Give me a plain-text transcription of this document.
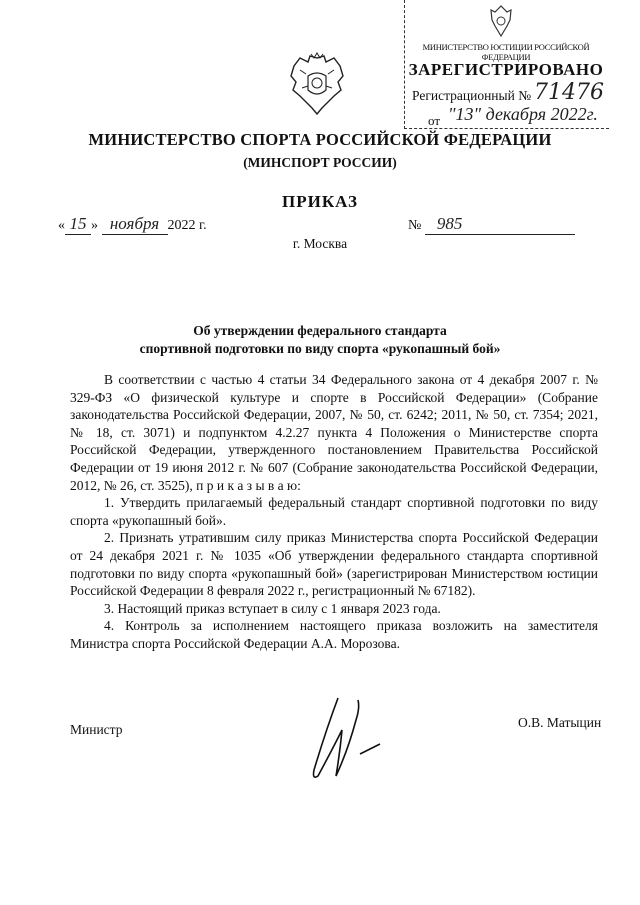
МИНИСТЕРСТВО ЮСТИЦИИ РОССИЙСКОЙ ФЕДЕРАЦИИ
ЗАРЕГИСТРИРОВАНО
Регистрационный № 71476
от "13" декабря 2022г.
МИНИСТЕРСТВО СПОРТА РОССИЙСКОЙ ФЕДЕРАЦИИ
(МИНСПОРТ РОССИИ)
ПРИКАЗ
« 15 » ноября 2022 г.	№ 985
г. Москва
Об утверждении федерального стандарта
спортивной подготовки по виду спорта «рукопашный бой»

В соответствии с частью 4 статьи 34 Федерального закона от 4 декабря 2007 г. № 329-ФЗ «О физической культуре и спорте в Российской Федерации» (Собрание законодательства Российской Федерации, 2007, № 50, ст. 6242; 2011, № 50, ст. 7354; 2021, № 18, ст. 3071) и подпунктом 4.2.27 пункта 4 Положения о Министерстве спорта Российской Федерации, утвержденного постановлением Правительства Российской Федерации от 19 июня 2012 г. № 607 (Собрание законодательства Российской Федерации, 2012, № 26, ст. 3525), п р и к а з ы в а ю:

1. Утвердить прилагаемый федеральный стандарт спортивной подготовки по виду спорта «рукопашный бой».

2. Признать утратившим силу приказ Министерства спорта Российской Федерации от 24 декабря 2021 г. № 1035 «Об утверждении федерального стандарта спортивной подготовки по виду спорта «рукопашный бой» (зарегистрирован Министерством юстиции Российской Федерации 8 февраля 2022 г., регистрационный № 67182).

3. Настоящий приказ вступает в силу с 1 января 2023 года.

4. Контроль за исполнением настоящего приказа возложить на заместителя Министра спорта Российской Федерации А.А. Морозова.

Министр	О.В. Матыцин
